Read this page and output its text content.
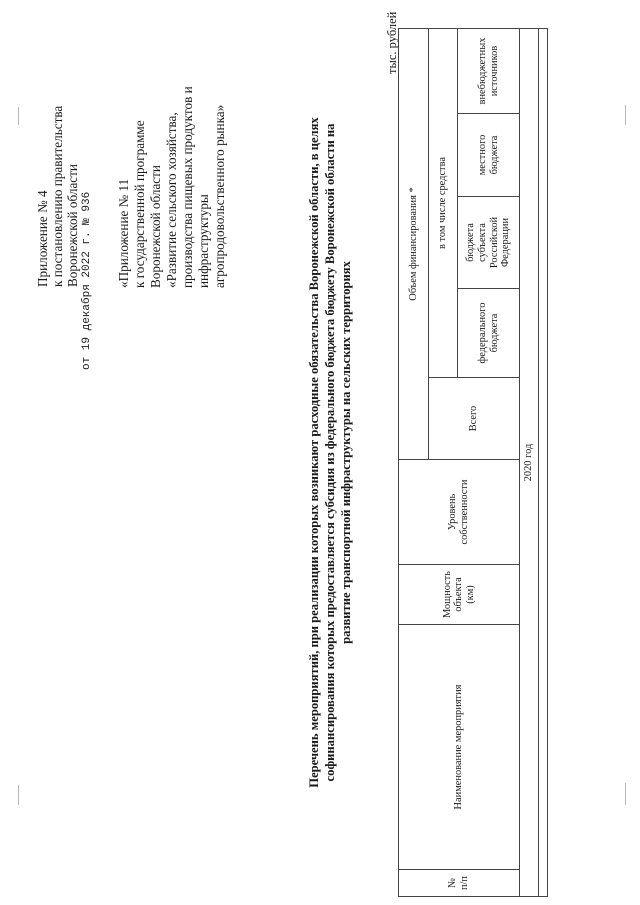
Приложение № 4 к постановлению правительства Воронежской области от 19 декабря 2022 г. № 936 «Приложение № 11 к государственной программе Воронежской области «Развитие сельского хозяйства, производства пищевых продуктов и инфраструктуры агропродовольственного рынка»	Перечень мероприятий, при реализации которых возникают расходные обязательства Воронежской области, в целях софинансирования которых предоставляется субсидия из федерального бюджета бюджету Воронежской области на развитие транспортной инфраструктуры на сельских территориях
тыс. рублей
№ п/п
Наименование мероприятия
Мощность объекта (км)
Уровень собственности
Объем финансирования *
Всего
в том числе средства
федерального бюджета
бюджета субъекта Российской Федерации
местного бюджета
внебюджетных источников
2020 год
